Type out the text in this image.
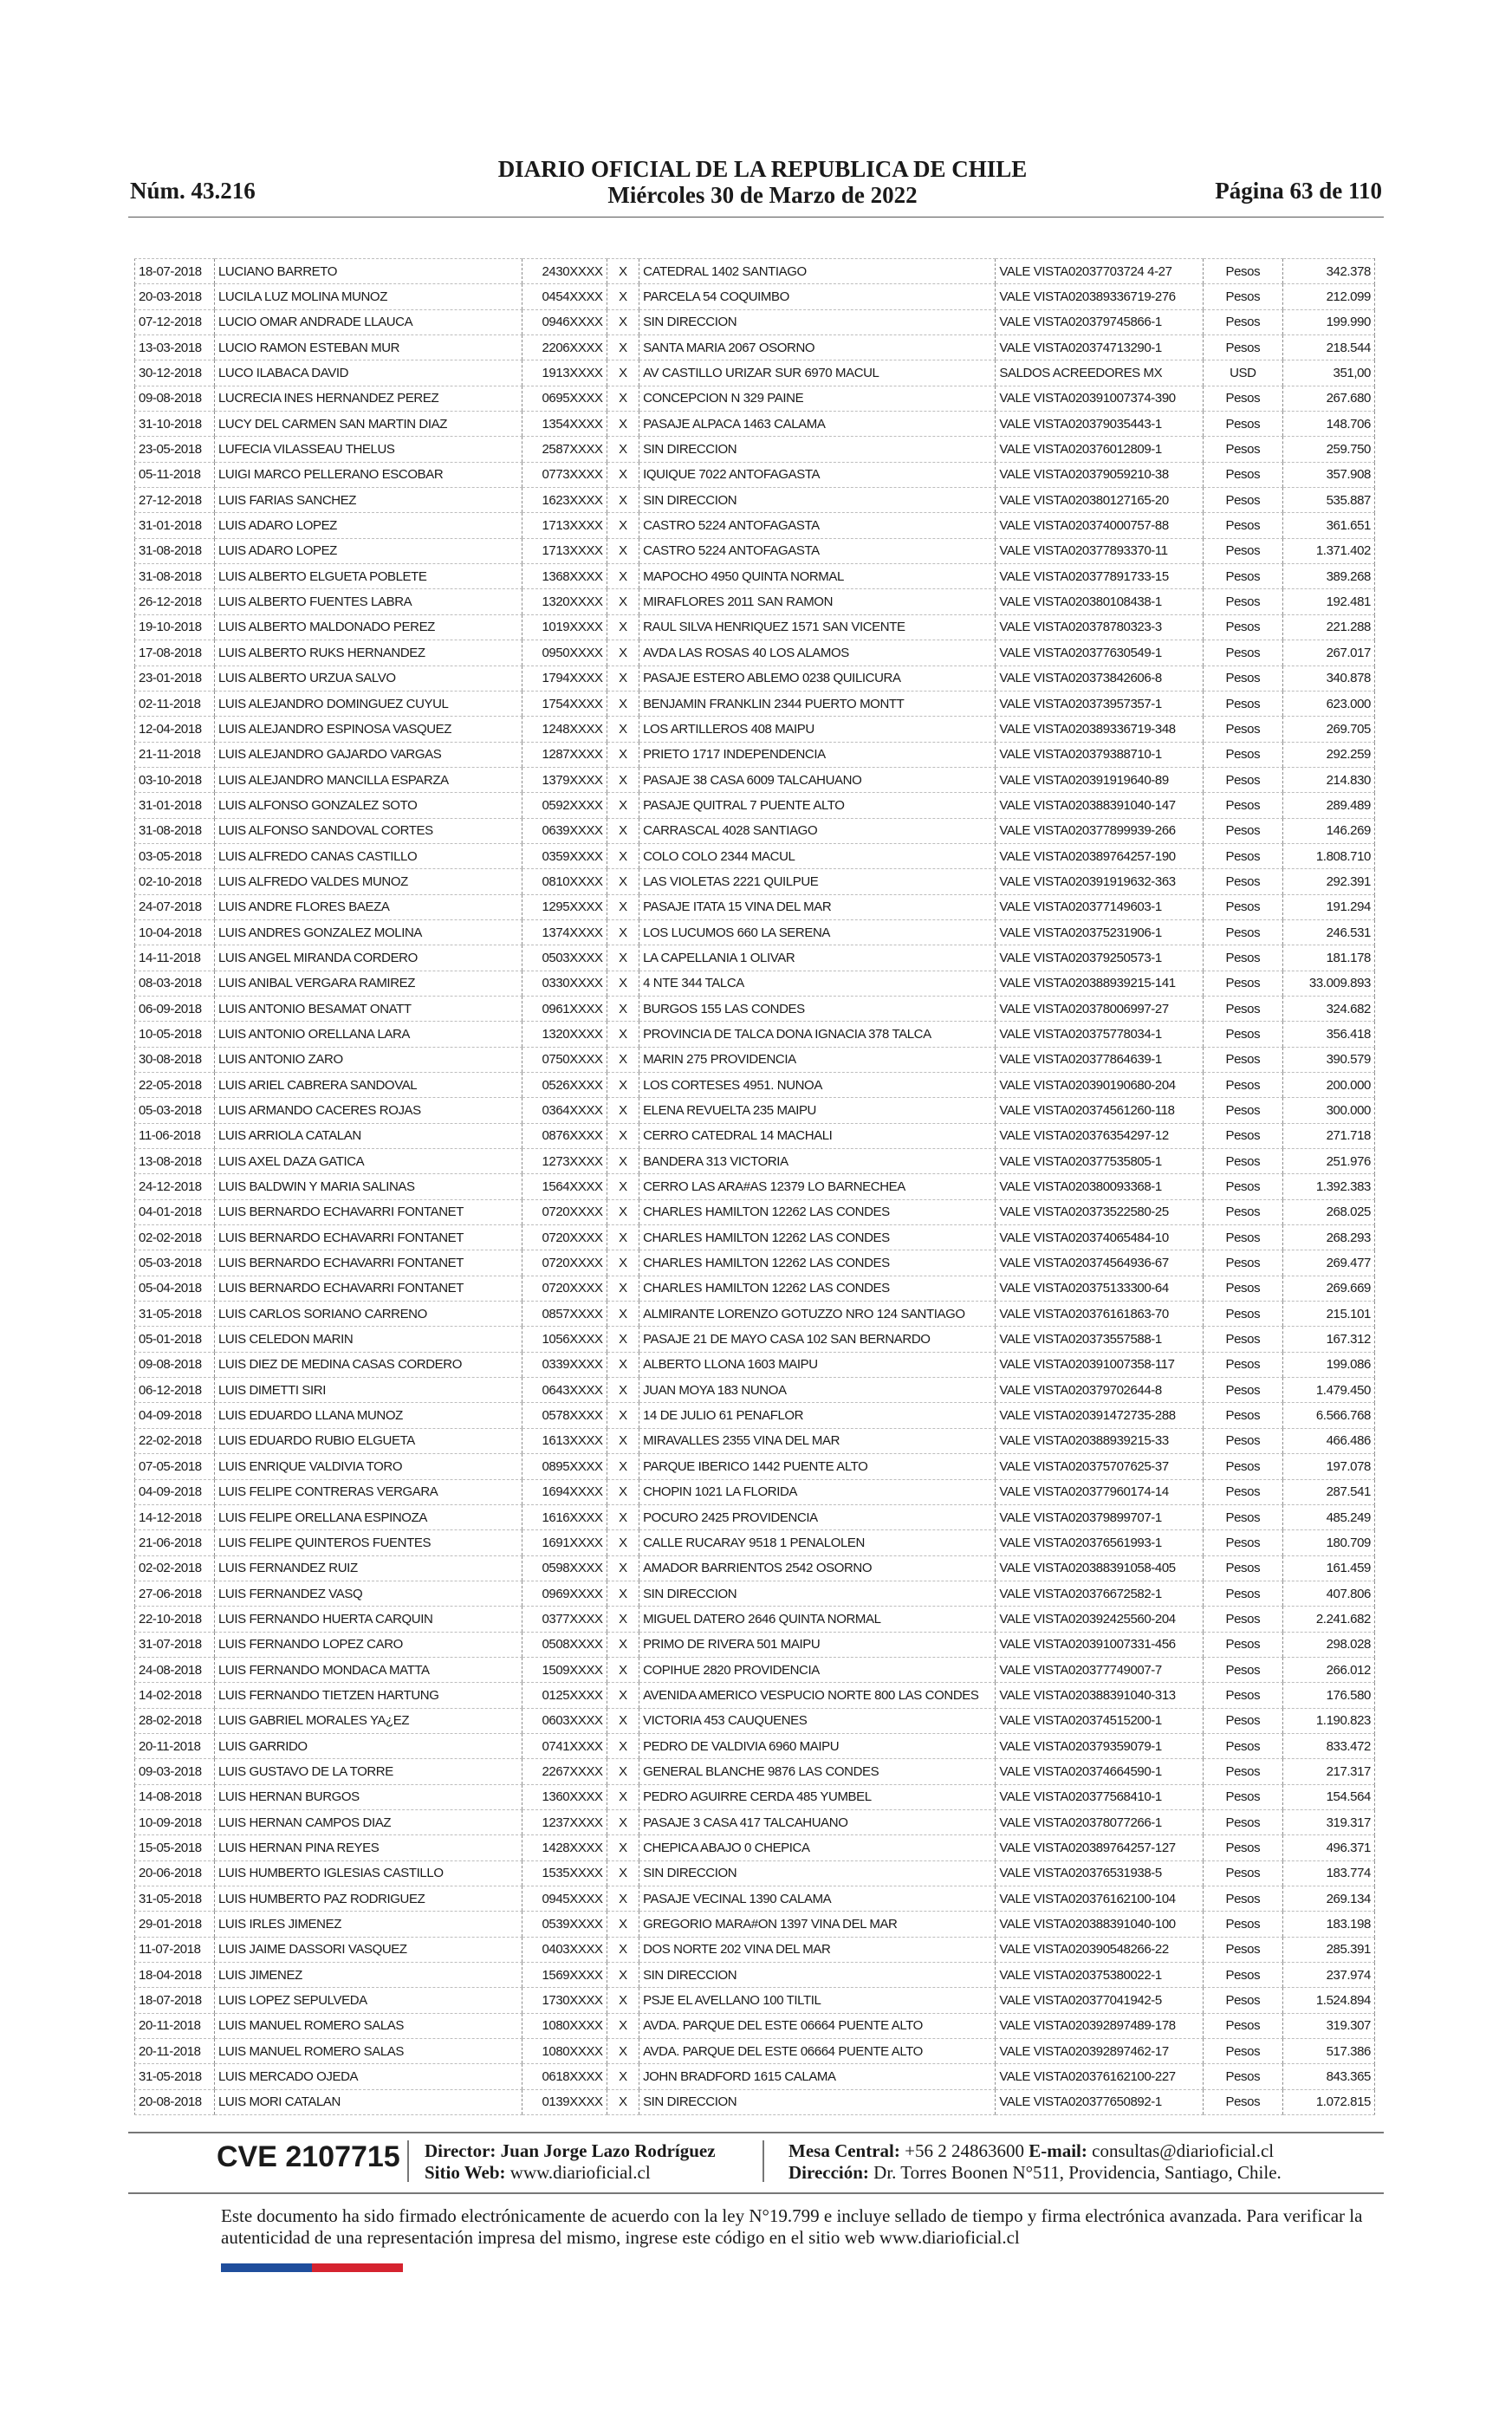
Núm. 43.216
DIARIO OFICIAL DE LA REPUBLICA DE CHILE
Miércoles 30 de Marzo de 2022	Página 63 de 110
18-07-2018	LUCIANO BARRETO	2430XXXX	X	CATEDRAL 1402 SANTIAGO	VALE VISTA02037703724 4-27	Pesos	342.378
20-03-2018	LUCILA LUZ MOLINA MUNOZ	0454XXXX	X	PARCELA 54 COQUIMBO	VALE VISTA020389336719-276	Pesos	212.099
07-12-2018	LUCIO OMAR ANDRADE LLAUCA	0946XXXX	X	SIN DIRECCION	VALE VISTA020379745866-1	Pesos	199.990
13-03-2018	LUCIO RAMON ESTEBAN MUR	2206XXXX	X	SANTA MARIA 2067 OSORNO	VALE VISTA020374713290-1	Pesos	218.544
30-12-2018	LUCO ILABACA DAVID	1913XXXX	X	AV CASTILLO URIZAR SUR 6970 MACUL	SALDOS ACREEDORES MX	USD	351,00
09-08-2018	LUCRECIA INES HERNANDEZ PEREZ	0695XXXX	X	CONCEPCION N 329 PAINE	VALE VISTA020391007374-390	Pesos	267.680
31-10-2018	LUCY DEL CARMEN SAN MARTIN DIAZ	1354XXXX	X	PASAJE ALPACA 1463 CALAMA	VALE VISTA020379035443-1	Pesos	148.706
23-05-2018	LUFECIA VILASSEAU THELUS	2587XXXX	X	SIN DIRECCION	VALE VISTA020376012809-1	Pesos	259.750
05-11-2018	LUIGI MARCO PELLERANO ESCOBAR	0773XXXX	X	IQUIQUE 7022 ANTOFAGASTA	VALE VISTA020379059210-38	Pesos	357.908
27-12-2018	LUIS FARIAS SANCHEZ	1623XXXX	X	SIN DIRECCION	VALE VISTA020380127165-20	Pesos	535.887
31-01-2018	LUIS ADARO LOPEZ	1713XXXX	X	CASTRO 5224 ANTOFAGASTA	VALE VISTA020374000757-88	Pesos	361.651
31-08-2018	LUIS ADARO LOPEZ	1713XXXX	X	CASTRO 5224 ANTOFAGASTA	VALE VISTA020377893370-11	Pesos	1.371.402
31-08-2018	LUIS ALBERTO ELGUETA POBLETE	1368XXXX	X	MAPOCHO 4950 QUINTA NORMAL	VALE VISTA020377891733-15	Pesos	389.268
26-12-2018	LUIS ALBERTO FUENTES LABRA	1320XXXX	X	MIRAFLORES 2011 SAN RAMON	VALE VISTA020380108438-1	Pesos	192.481
19-10-2018	LUIS ALBERTO MALDONADO PEREZ	1019XXXX	X	RAUL SILVA HENRIQUEZ 1571 SAN VICENTE	VALE VISTA020378780323-3	Pesos	221.288
17-08-2018	LUIS ALBERTO RUKS HERNANDEZ	0950XXXX	X	AVDA LAS ROSAS 40 LOS ALAMOS	VALE VISTA020377630549-1	Pesos	267.017
23-01-2018	LUIS ALBERTO URZUA SALVO	1794XXXX	X	PASAJE ESTERO ABLEMO 0238 QUILICURA	VALE VISTA020373842606-8	Pesos	340.878
02-11-2018	LUIS ALEJANDRO DOMINGUEZ CUYUL	1754XXXX	X	BENJAMIN FRANKLIN 2344 PUERTO MONTT	VALE VISTA020373957357-1	Pesos	623.000
12-04-2018	LUIS ALEJANDRO ESPINOSA VASQUEZ	1248XXXX	X	LOS ARTILLEROS 408 MAIPU	VALE VISTA020389336719-348	Pesos	269.705
21-11-2018	LUIS ALEJANDRO GAJARDO VARGAS	1287XXXX	X	PRIETO 1717 INDEPENDENCIA	VALE VISTA020379388710-1	Pesos	292.259
03-10-2018	LUIS ALEJANDRO MANCILLA ESPARZA	1379XXXX	X	PASAJE 38 CASA 6009 TALCAHUANO	VALE VISTA020391919640-89	Pesos	214.830
31-01-2018	LUIS ALFONSO GONZALEZ SOTO	0592XXXX	X	PASAJE QUITRAL 7 PUENTE ALTO	VALE VISTA020388391040-147	Pesos	289.489
31-08-2018	LUIS ALFONSO SANDOVAL CORTES	0639XXXX	X	CARRASCAL 4028 SANTIAGO	VALE VISTA020377899939-266	Pesos	146.269
03-05-2018	LUIS ALFREDO CANAS CASTILLO	0359XXXX	X	COLO COLO 2344 MACUL	VALE VISTA020389764257-190	Pesos	1.808.710
02-10-2018	LUIS ALFREDO VALDES MUNOZ	0810XXXX	X	LAS VIOLETAS 2221 QUILPUE	VALE VISTA020391919632-363	Pesos	292.391
24-07-2018	LUIS ANDRE FLORES BAEZA	1295XXXX	X	PASAJE ITATA 15 VINA DEL MAR	VALE VISTA020377149603-1	Pesos	191.294
10-04-2018	LUIS ANDRES GONZALEZ MOLINA	1374XXXX	X	LOS LUCUMOS 660 LA SERENA	VALE VISTA020375231906-1	Pesos	246.531
14-11-2018	LUIS ANGEL MIRANDA CORDERO	0503XXXX	X	LA CAPELLANIA 1 OLIVAR	VALE VISTA020379250573-1	Pesos	181.178
08-03-2018	LUIS ANIBAL VERGARA RAMIREZ	0330XXXX	X	4 NTE 344 TALCA	VALE VISTA020388939215-141	Pesos	33.009.893
06-09-2018	LUIS ANTONIO BESAMAT ONATT	0961XXXX	X	BURGOS 155 LAS CONDES	VALE VISTA020378006997-27	Pesos	324.682
10-05-2018	LUIS ANTONIO ORELLANA LARA	1320XXXX	X	PROVINCIA DE TALCA DONA IGNACIA 378 TALCA	VALE VISTA020375778034-1	Pesos	356.418
30-08-2018	LUIS ANTONIO ZARO	0750XXXX	X	MARIN 275 PROVIDENCIA	VALE VISTA020377864639-1	Pesos	390.579
22-05-2018	LUIS ARIEL CABRERA SANDOVAL	0526XXXX	X	LOS CORTESES 4951. NUNOA	VALE VISTA020390190680-204	Pesos	200.000
05-03-2018	LUIS ARMANDO CACERES ROJAS	0364XXXX	X	ELENA REVUELTA 235 MAIPU	VALE VISTA020374561260-118	Pesos	300.000
11-06-2018	LUIS ARRIOLA CATALAN	0876XXXX	X	CERRO CATEDRAL 14 MACHALI	VALE VISTA020376354297-12	Pesos	271.718
13-08-2018	LUIS AXEL DAZA GATICA	1273XXXX	X	BANDERA 313 VICTORIA	VALE VISTA020377535805-1	Pesos	251.976
24-12-2018	LUIS BALDWIN Y MARIA SALINAS	1564XXXX	X	CERRO LAS ARA#AS 12379 LO BARNECHEA	VALE VISTA020380093368-1	Pesos	1.392.383
04-01-2018	LUIS BERNARDO ECHAVARRI FONTANET	0720XXXX	X	CHARLES HAMILTON 12262 LAS CONDES	VALE VISTA020373522580-25	Pesos	268.025
02-02-2018	LUIS BERNARDO ECHAVARRI FONTANET	0720XXXX	X	CHARLES HAMILTON 12262 LAS CONDES	VALE VISTA020374065484-10	Pesos	268.293
05-03-2018	LUIS BERNARDO ECHAVARRI FONTANET	0720XXXX	X	CHARLES HAMILTON 12262 LAS CONDES	VALE VISTA020374564936-67	Pesos	269.477
05-04-2018	LUIS BERNARDO ECHAVARRI FONTANET	0720XXXX	X	CHARLES HAMILTON 12262 LAS CONDES	VALE VISTA020375133300-64	Pesos	269.669
31-05-2018	LUIS CARLOS SORIANO CARRENO	0857XXXX	X	ALMIRANTE LORENZO GOTUZZO NRO 124 SANTIAGO	VALE VISTA020376161863-70	Pesos	215.101
05-01-2018	LUIS CELEDON MARIN	1056XXXX	X	PASAJE 21 DE MAYO CASA 102 SAN BERNARDO	VALE VISTA020373557588-1	Pesos	167.312
09-08-2018	LUIS DIEZ DE MEDINA CASAS CORDERO	0339XXXX	X	ALBERTO LLONA 1603 MAIPU	VALE VISTA020391007358-117	Pesos	199.086
06-12-2018	LUIS DIMETTI SIRI	0643XXXX	X	JUAN MOYA 183 NUNOA	VALE VISTA020379702644-8	Pesos	1.479.450
04-09-2018	LUIS EDUARDO LLANA MUNOZ	0578XXXX	X	14 DE JULIO 61 PENAFLOR	VALE VISTA020391472735-288	Pesos	6.566.768
22-02-2018	LUIS EDUARDO RUBIO ELGUETA	1613XXXX	X	MIRAVALLES 2355 VINA DEL MAR	VALE VISTA020388939215-33	Pesos	466.486
07-05-2018	LUIS ENRIQUE VALDIVIA TORO	0895XXXX	X	PARQUE IBERICO 1442 PUENTE ALTO	VALE VISTA020375707625-37	Pesos	197.078
04-09-2018	LUIS FELIPE CONTRERAS VERGARA	1694XXXX	X	CHOPIN 1021 LA FLORIDA	VALE VISTA020377960174-14	Pesos	287.541
14-12-2018	LUIS FELIPE ORELLANA ESPINOZA	1616XXXX	X	POCURO 2425 PROVIDENCIA	VALE VISTA020379899707-1	Pesos	485.249
21-06-2018	LUIS FELIPE QUINTEROS FUENTES	1691XXXX	X	CALLE RUCARAY 9518 1 PENALOLEN	VALE VISTA020376561993-1	Pesos	180.709
02-02-2018	LUIS FERNANDEZ RUIZ	0598XXXX	X	AMADOR BARRIENTOS 2542 OSORNO	VALE VISTA020388391058-405	Pesos	161.459
27-06-2018	LUIS FERNANDEZ VASQ	0969XXXX	X	SIN DIRECCION	VALE VISTA020376672582-1	Pesos	407.806
22-10-2018	LUIS FERNANDO HUERTA CARQUIN	0377XXXX	X	MIGUEL DATERO 2646 QUINTA NORMAL	VALE VISTA020392425560-204	Pesos	2.241.682
31-07-2018	LUIS FERNANDO LOPEZ CARO	0508XXXX	X	PRIMO DE RIVERA 501 MAIPU	VALE VISTA020391007331-456	Pesos	298.028
24-08-2018	LUIS FERNANDO MONDACA MATTA	1509XXXX	X	COPIHUE 2820 PROVIDENCIA	VALE VISTA020377749007-7	Pesos	266.012
14-02-2018	LUIS FERNANDO TIETZEN HARTUNG	0125XXXX	X	AVENIDA AMERICO VESPUCIO NORTE 800 LAS CONDES	VALE VISTA020388391040-313	Pesos	176.580
28-02-2018	LUIS GABRIEL MORALES YA¿EZ	0603XXXX	X	VICTORIA 453 CAUQUENES	VALE VISTA020374515200-1	Pesos	1.190.823
20-11-2018	LUIS GARRIDO	0741XXXX	X	PEDRO DE VALDIVIA 6960 MAIPU	VALE VISTA020379359079-1	Pesos	833.472
09-03-2018	LUIS GUSTAVO DE LA TORRE	2267XXXX	X	GENERAL BLANCHE 9876 LAS CONDES	VALE VISTA020374664590-1	Pesos	217.317
14-08-2018	LUIS HERNAN BURGOS	1360XXXX	X	PEDRO AGUIRRE CERDA 485 YUMBEL	VALE VISTA020377568410-1	Pesos	154.564
10-09-2018	LUIS HERNAN CAMPOS DIAZ	1237XXXX	X	PASAJE 3 CASA 417 TALCAHUANO	VALE VISTA020378077266-1	Pesos	319.317
15-05-2018	LUIS HERNAN PINA REYES	1428XXXX	X	CHEPICA ABAJO 0 CHEPICA	VALE VISTA020389764257-127	Pesos	496.371
20-06-2018	LUIS HUMBERTO IGLESIAS CASTILLO	1535XXXX	X	SIN DIRECCION	VALE VISTA020376531938-5	Pesos	183.774
31-05-2018	LUIS HUMBERTO PAZ RODRIGUEZ	0945XXXX	X	PASAJE VECINAL 1390 CALAMA	VALE VISTA020376162100-104	Pesos	269.134
29-01-2018	LUIS IRLES JIMENEZ	0539XXXX	X	GREGORIO MARA#ON 1397 VINA DEL MAR	VALE VISTA020388391040-100	Pesos	183.198
11-07-2018	LUIS JAIME DASSORI VASQUEZ	0403XXXX	X	DOS NORTE 202 VINA DEL MAR	VALE VISTA020390548266-22	Pesos	285.391
18-04-2018	LUIS JIMENEZ	1569XXXX	X	SIN DIRECCION	VALE VISTA020375380022-1	Pesos	237.974
18-07-2018	LUIS LOPEZ SEPULVEDA	1730XXXX	X	PSJE EL AVELLANO 100 TILTIL	VALE VISTA020377041942-5	Pesos	1.524.894
20-11-2018	LUIS MANUEL ROMERO SALAS	1080XXXX	X	AVDA. PARQUE DEL ESTE 06664 PUENTE ALTO	VALE VISTA020392897489-178	Pesos	319.307
20-11-2018	LUIS MANUEL ROMERO SALAS	1080XXXX	X	AVDA. PARQUE DEL ESTE 06664 PUENTE ALTO	VALE VISTA020392897462-17	Pesos	517.386
31-05-2018	LUIS MERCADO OJEDA	0618XXXX	X	JOHN BRADFORD 1615 CALAMA	VALE VISTA020376162100-227	Pesos	843.365
20-08-2018	LUIS MORI CATALAN	0139XXXX	X	SIN DIRECCION	VALE VISTA020377650892-1	Pesos	1.072.815
CVE 2107715 Director: Juan Jorge Lazo Rodríguez
Sitio Web: www.diarioficial.cl
Mesa Central: +56 2 24863600 E-mail: consultas@diarioficial.cl
Dirección: Dr. Torres Boonen N°511, Providencia, Santiago, Chile.
Este documento ha sido firmado electrónicamente de acuerdo con la ley N°19.799 e incluye sellado de tiempo y firma electrónica avanzada. Para verificar la autenticidad de una representación impresa del mismo, ingrese este código en el sitio web www.diarioficial.cl
